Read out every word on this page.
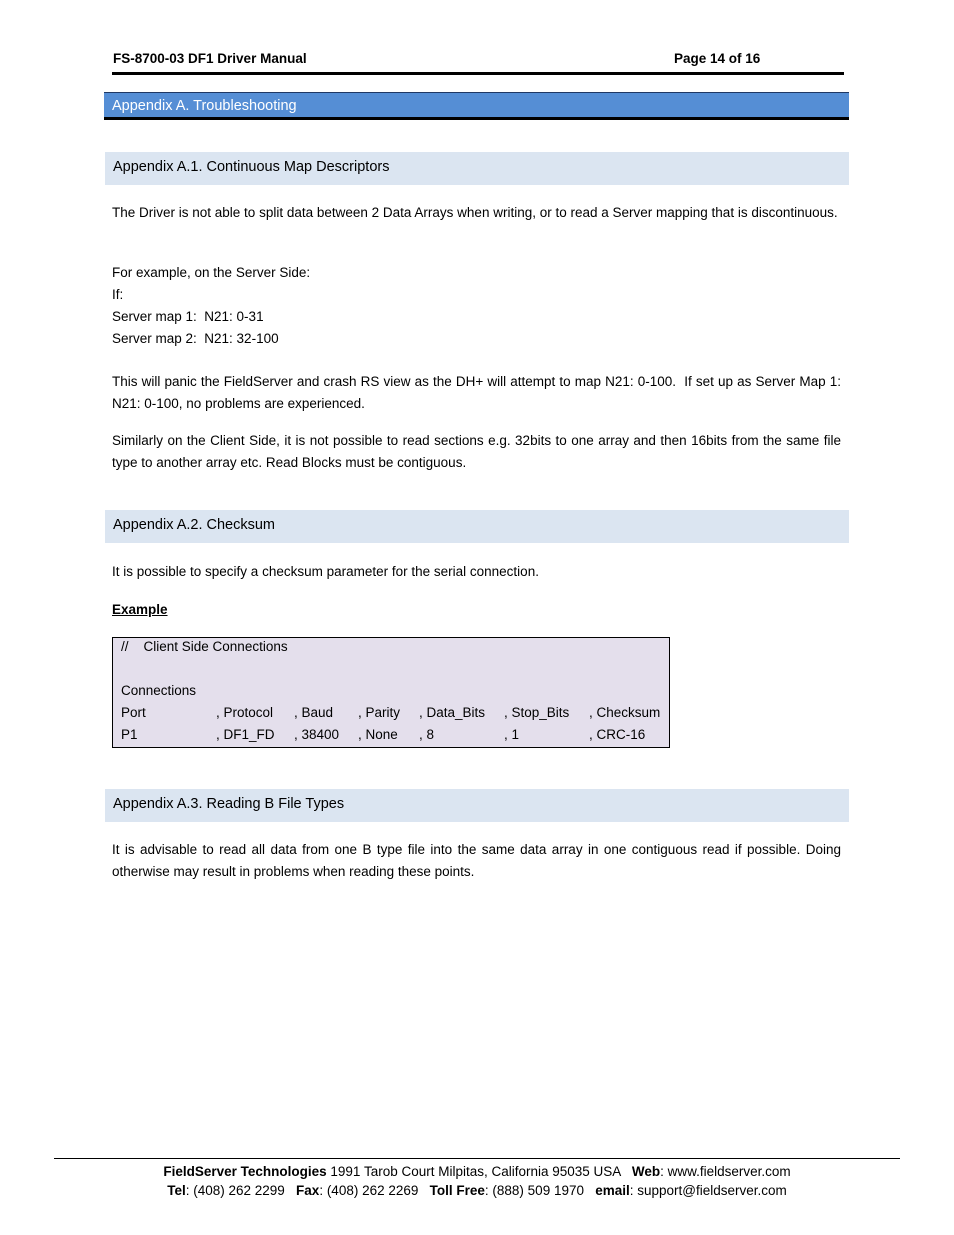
FS-8700-03 DF1 Driver Manual	Page 14 of 16
Appendix A. Troubleshooting
Appendix A.1. Continuous Map Descriptors
The Driver is not able to split data between 2 Data Arrays when writing, or to read a Server mapping that is discontinuous.
For example, on the Server Side:
If:
Server map 1:  N21: 0-31
Server map 2:  N21: 32-100
This will panic the FieldServer and crash RS view as the DH+ will attempt to map N21: 0-100.  If set up as Server Map 1: N21: 0-100, no problems are experienced.
Similarly on the Client Side, it is not possible to read sections e.g. 32bits to one array and then 16bits from the same file type to another array etc. Read Blocks must be contiguous.
Appendix A.2. Checksum
It is possible to specify a checksum parameter for the serial connection.
Example
//    Client Side Connections
Connections
Port	, Protocol , Baud , Parity , Data_Bits , Stop_Bits , Checksum
P1	, DF1_FD , 38400 , None , 8	, 1	, CRC-16
Appendix A.3. Reading B File Types
It is advisable to read all data from one B type file into the same data array in one contiguous read if possible. Doing otherwise may result in problems when reading these points.
FieldServer Technologies 1991 Tarob Court Milpitas, California 95035 USA   Web: www.fieldserver.com
Tel: (408) 262 2299   Fax: (408) 262 2269   Toll Free: (888) 509 1970   email: support@fieldserver.com
